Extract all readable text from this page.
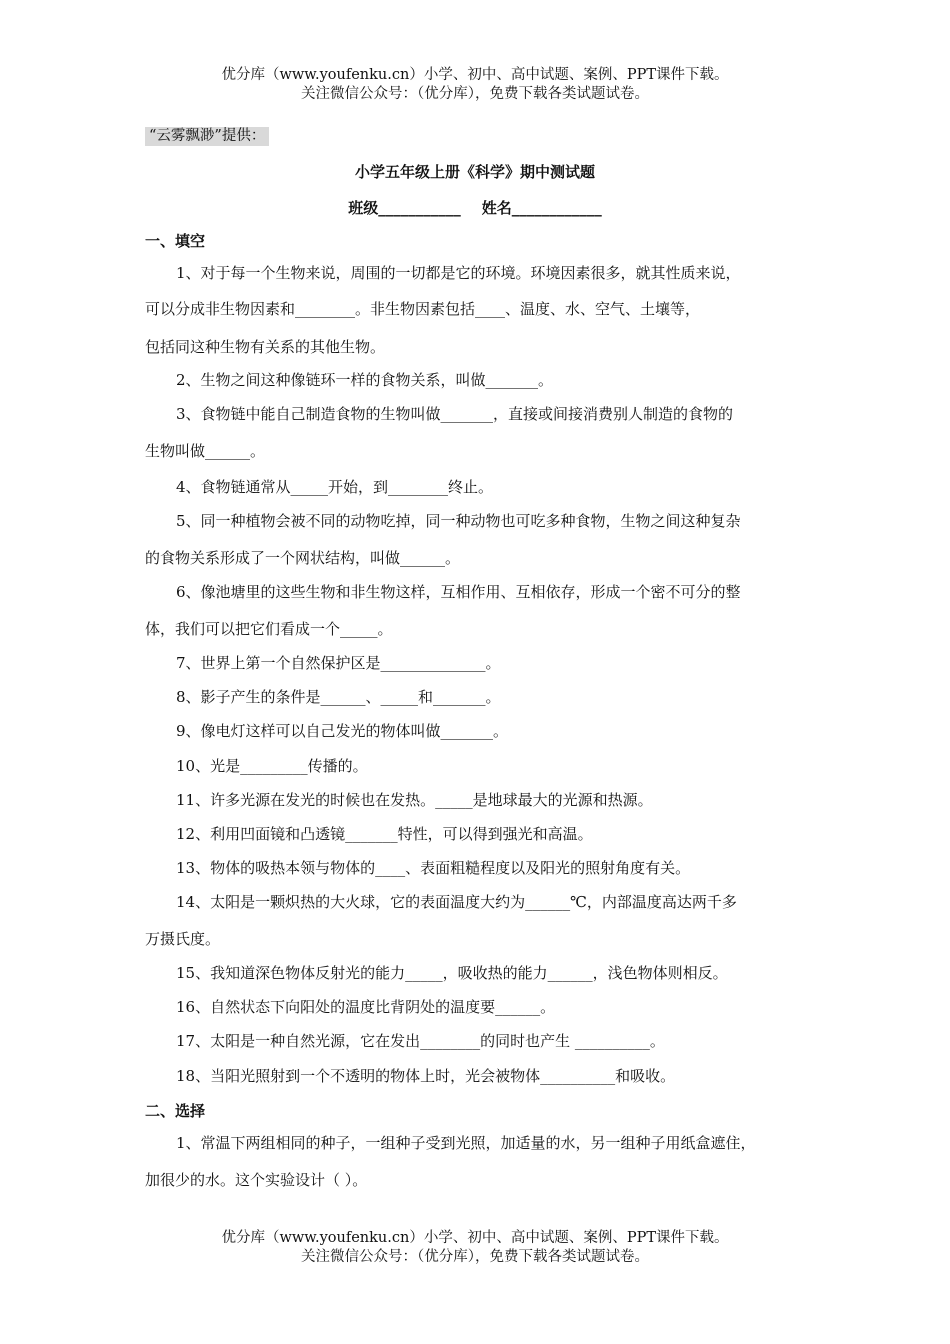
优分库（www.youfenku.cn）小学、初中、高中试题、案例、PPT课件下载。
关注微信公众号：（优分库），免费下载各类试题试卷。
“云雾飘渺”提供：
小学五年级上册《科学》期中测试题
班级___________ 姓名____________
一、填空
1、对于每一个生物来说，周围的一切都是它的环境。环境因素很多，就其性质来说，
可以分成非生物因素和________。非生物因素包括____、温度、水、空气、土壤等，
包括同这种生物有关系的其他生物。
2、生物之间这种像链环一样的食物关系，叫做_______。
3、食物链中能自己制造食物的生物叫做_______，直接或间接消费别人制造的食物的
生物叫做______。
4、食物链通常从_____开始，到________终止。
5、同一种植物会被不同的动物吃掉，同一种动物也可吃多种食物，生物之间这种复杂
的食物关系形成了一个网状结构，叫做______。
6、像池塘里的这些生物和非生物这样，互相作用、互相依存，形成一个密不可分的整
体，我们可以把它们看成一个_____。
7、世界上第一个自然保护区是______________。
8、影子产生的条件是______、_____和_______。
9、像电灯这样可以自己发光的物体叫做_______。
10、光是_________传播的。
11、许多光源在发光的时候也在发热。_____是地球最大的光源和热源。
12、利用凹面镜和凸透镜_______特性，可以得到强光和高温。
13、物体的吸热本领与物体的____、表面粗糙程度以及阳光的照射角度有关。
14、太阳是一颗炽热的大火球，它的表面温度大约为______℃，内部温度高达两千多
万摄氏度。
15、我知道深色物体反射光的能力_____，吸收热的能力______，浅色物体则相反。
16、自然状态下向阳处的温度比背阴处的温度要______。
17、太阳是一种自然光源，它在发出________的同时也产生 __________。
18、当阳光照射到一个不透明的物体上时，光会被物体__________和吸收。
二、选择
1、常温下两组相同的种子，一组种子受到光照，加适量的水，另一组种子用纸盒遮住，
加很少的水。这个实验设计（ ）。
优分库（www.youfenku.cn）小学、初中、高中试题、案例、PPT课件下载。
关注微信公众号：（优分库），免费下载各类试题试卷。
